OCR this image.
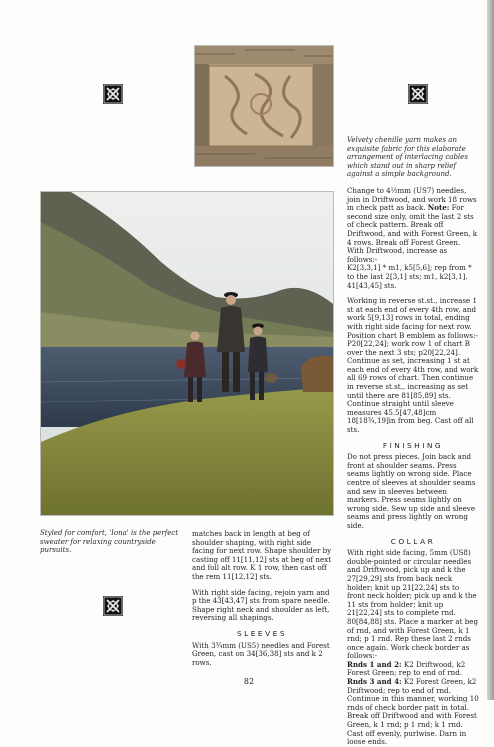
Velvety chenille yarn makes an exquisite fabric for this elaborate arrangement of interlacing cables which stand out in sharp relief against a simple background.
Styled for comfort, 'Iona' is the perfect sweater for relaxing countryside pursuits.

Change to 4½mm (US7) needles, join in Driftwood, and work 18 rows in check patt as back. Note: For second size only, omit the last 2 sts of check pattern. Break off Driftwood, and with Forest Green, k 4 rows. Break off Forest Green. With Driftwood, increase as follows:-

K2[3,3,1] * m1, k5[5,6]; rep from * to the last 2[3,1] sts; m1, k2[3,1]. 41[43,45] sts.

Working in reverse st.st., increase 1 st at each end of every 4th row, and work 5[9,13] rows in total, ending with right side facing for next row. Position chart B emblem as follows:-

P20[22,24]; work row 1 of chart B over the next 3 sts; p20[22,24]. Continue as set, increasing 1 st at each end of every 4th row, and work all 69 rows of chart. Then continue in reverse st.st., increasing as set until there are 81[85,89] sts. Continue straight until sleeve measures 45.5[47,48]cm 18[18¾,19]in from beg. Cast off all sts.

FINISHING

Do not press pieces. Join back and front at shoulder seams. Press seams lightly on wrong side. Place centre of sleeves at shoulder seams and sew in sleeves between markers. Press seams lightly on wrong side. Sew up side and sleeve seams and press lightly on wrong side.

COLLAR

With right side facing, 5mm (US8) double-pointed or circular needles and Driftwood, pick up and k the 27[29,29] sts from back neck holder; knit up 21[22,24] sts to front neck holder; pick up and k the 11 sts from holder; knit up 21[22,24] sts to complete rnd. 80[84,88] sts. Place a marker at beg of rnd, and with Forest Green, k 1 rnd; p 1 rnd. Rep these last 2 rnds once again. Work check border as follows:-

Rnds 1 and 2: K2 Driftwood, k2 Forest Green; rep to end of rnd.

Rnds 3 and 4: K2 Forest Green, k2 Driftwood; rep to end of rnd.

Continue in this manner, working 10 rnds of check border patt in total. Break off Driftwood and with Forest Green, k 1 rnd; p 1 rnd; k 1 rnd. Cast off evenly, purlwise. Darn in loose ends.

matches back in length at beg of shoulder shaping, with right side facing for next row. Shape shoulder by casting off 11[11,12] sts at beg of next and foll alt row. K 1 row, then cast off the rem 11[12,12] sts.

With right side facing, rejoin yarn and p the 43[43,47] sts from spare needle. Shape right neck and shoulder as left, reversing all shapings.

SLEEVES

With 3¾mm (US5) needles and Forest Green, cast on 34[36,38] sts and k 2 rows.

82
